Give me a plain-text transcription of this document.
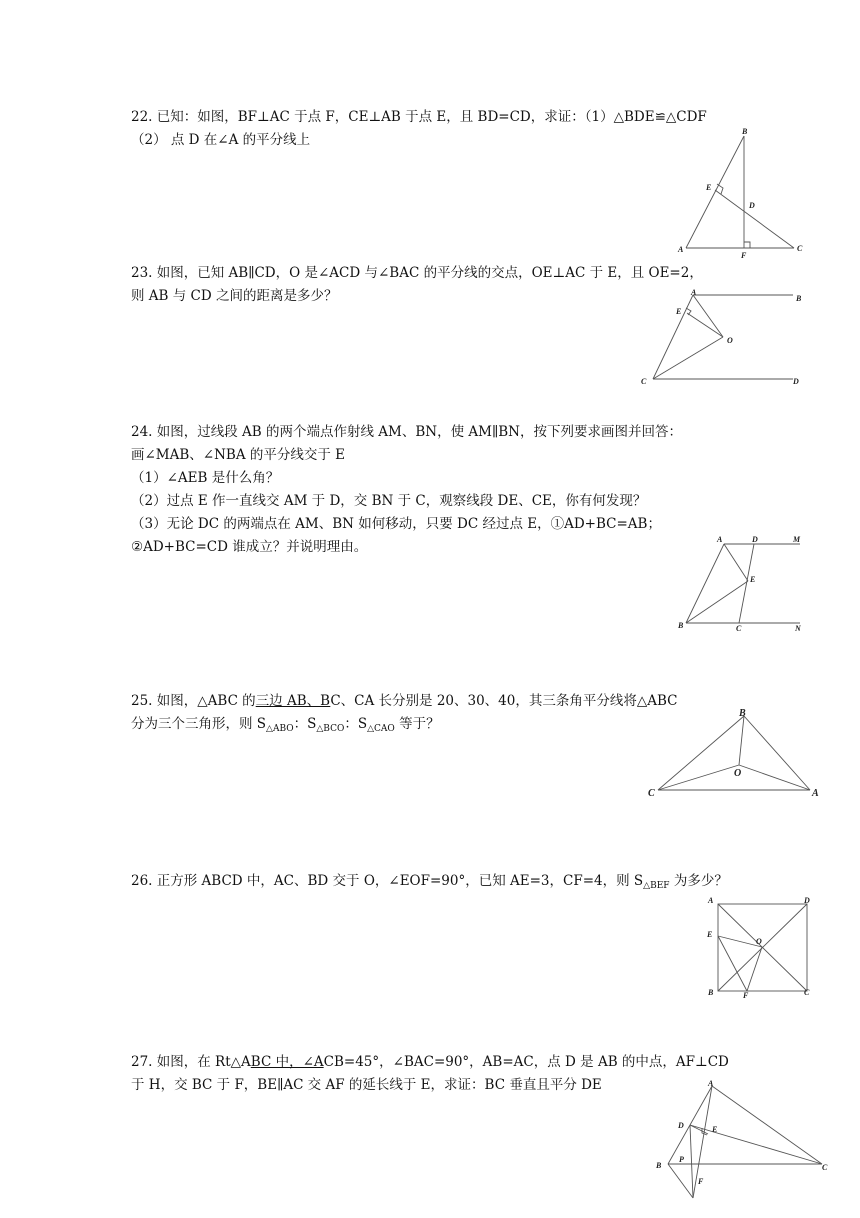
22. 已知：如图，BF⊥AC 于点 F，CE⊥AB 于点 E，且 BD=CD，求证：（1）△BDE≌△CDF
（2） 点 D 在∠A 的平分线上
B
E
D
A
F
C
23. 如图，已知 AB∥CD，O 是∠ACD 与∠BAC 的平分线的交点，OE⊥AC 于 E，且 OE=2，
则 AB 与 CD 之间的距离是多少？	A
B
E
O
C	D
24. 如图，过线段 AB 的两个端点作射线 AM、BN，使 AM∥BN，按下列要求画图并回答：
画∠MAB、∠NBA 的平分线交于 E
（1）∠AEB 是什么角？
（2）过点 E 作一直线交 AM 于 D，交 BN 于 C，观察线段 DE、CE，你有何发现？
（3）无论 DC 的两端点在 AM、BN 如何移动，只要 DC 经过点 E，①AD+BC=AB；
②AD+BC=CD 谁成立？并说明理由。	A	D	M
E
B	C	N
25. 如图，△ABC 的三边 AB、BC、CA 长分别是 20、30、40，其三条角平分线将△ABC
分为三个三角形，则 $S_{\triangle ABO}$：$S_{\triangle BCO}$：$S_{\triangle CAO}$ 等于？
B
O
C	A
26. 正方形 ABCD 中，AC、BD 交于 O，∠EOF=90°，已知 AE=3，CF=4，则 $S_{\triangle BEF}$ 为多少？
A	D
E
O
B	F	C
27. 如图，在 Rt△ABC 中，∠ACB=45°，∠BAC=90°，AB=AC，点 D 是 AB 的中点，AF⊥CD
于 H，交 BC 于 F，BE∥AC 交 AF 的延长线于 E，求证：BC 垂直且平分 DE	A
D	E
B
P
F
C
